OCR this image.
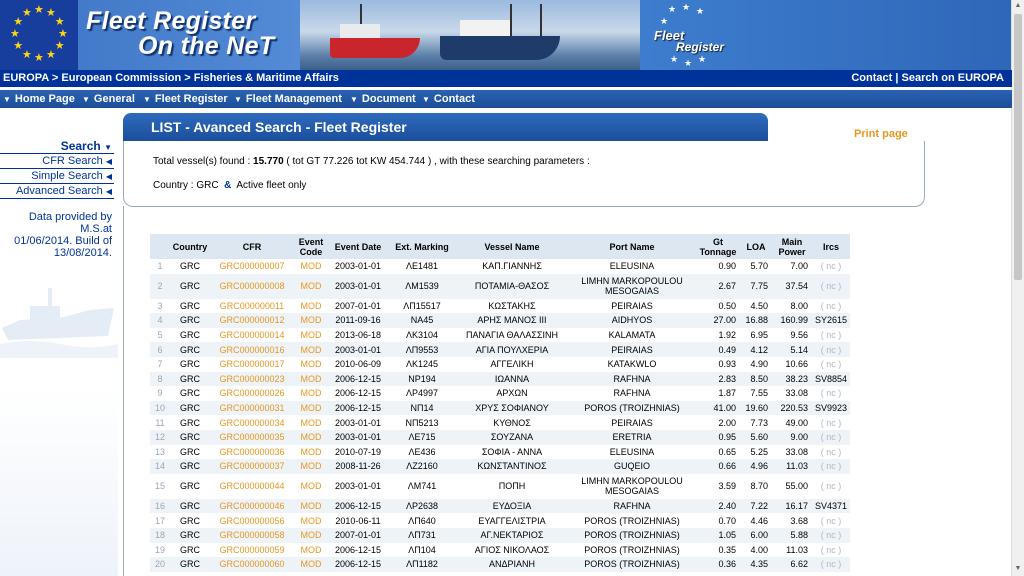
★ ★
★
★
★
★
★
★
★
★
★
★ Fleet Register
On the NeT
★ ★ ★
★
★ ★ ★
Fleet
Register
▲
▼
EUROPA > European Commission > Fisheries & Maritime Affairs	Contact | Search on EUROPA
▼ Home Page ▼ General ▼ Fleet Register ▼ Fleet Management ▼ Document ▼ Contact
Search ▼
CFR Search ◀
Simple Search ◀
Advanced Search ◀
Data provided by M.S.at
01/06/2014. Build of
13/08/2014.
LIST - Avanced Search - Fleet Register	Print page
Total vessel(s) found : 15.770 ( tot GT 77.226 tot KW 454.744 ) , with these searching parameters :
Country : GRC & Active fleet only
	Country	CFR	Event Code	Event Date	Ext. Marking	Vessel Name	Port Name	Gt Tonnage	LOA	Main Power	Ircs
1	GRC	GRC000000007	MOD	2003-01-01	ΛΕ1481	ΚΑΠ.ΓΙΑΝΝΗΣ	ELEUSINA	0.90	5.70	7.00	( nc )
2	GRC	GRC000000008	MOD	2003-01-01	ΛΜ1539	ΠΟΤΑΜΙΑ-ΘΑΣΟΣ	LIMHN MARKOPOULOU MESOGAIAS	2.67	7.75	37.54	( nc )
3	GRC	GRC000000011	MOD	2007-01-01	ΛΠ15517	ΚΩΣΤΑΚΗΣ	PEIRAIAS	0.50	4.50	8.00	( nc )
4	GRC	GRC000000012	MOD	2011-09-16	ΝΑ45	ΑΡΗΣ ΜΑΝΟΣ ΙΙΙ	AIDHYOS	27.00	16.88	160.99	SY2615
5	GRC	GRC000000014	MOD	2013-06-18	ΛΚ3104	ΠΑΝΑΓΙΑ ΘΑΛΑΣΣΙΝΗ	KALAMATA	1.92	6.95	9.56	( nc )
6	GRC	GRC000000016	MOD	2003-01-01	ΛΠ9553	ΑΓΙΑ ΠΟΥΛΧΕΡΙΑ	PEIRAIAS	0.49	4.12	5.14	( nc )
7	GRC	GRC000000017	MOD	2010-06-09	ΛΚ1245	ΑΓΓΕΛΙΚΗ	KATAKWLO	0.93	4.90	10.66	( nc )
8	GRC	GRC000000023	MOD	2006-12-15	ΝΡ194	ΙΩΑΝΝΑ	RAFHNA	2.83	8.50	38.23	SV8854
9	GRC	GRC000000026	MOD	2006-12-15	ΛΡ4997	ΑΡΧΩΝ	RAFHNA	1.87	7.55	33.08	( nc )
10	GRC	GRC000000031	MOD	2006-12-15	ΝΠ14	ΧΡΥΣ ΣΟΦΙΑΝΟΥ	POROS (TROIZHNIAS)	41.00	19.60	220.53	SV9923
11	GRC	GRC000000034	MOD	2003-01-01	ΝΠ5213	ΚΥΘΝΟΣ	PEIRAIAS	2.00	7.73	49.00	( nc )
12	GRC	GRC000000035	MOD	2003-01-01	ΛΕ715	ΣΟΥΖΑΝΑ	ERETRIA	0.95	5.60	9.00	( nc )
13	GRC	GRC000000036	MOD	2010-07-19	ΛΕ436	ΣΟΦΙΑ - ΑΝΝΑ	ELEUSINA	0.65	5.25	33.08	( nc )
14	GRC	GRC000000037	MOD	2008-11-26	ΛΖ2160	ΚΩΝΣΤΑΝΤΙΝΟΣ	GUQEIO	0.66	4.96	11.03	( nc )
15	GRC	GRC000000044	MOD	2003-01-01	ΛΜ741	ΠΟΠΗ	LIMHN MARKOPOULOU MESOGAIAS	3.59	8.70	55.00	( nc )
16	GRC	GRC000000046	MOD	2006-12-15	ΛΡ2638	ΕΥΔΟΞΙΑ	RAFHNA	2.40	7.22	16.17	SV4371
17	GRC	GRC000000056	MOD	2010-06-11	ΛΠ640	ΕΥΑΓΓΕΛΙΣΤΡΙΑ	POROS (TROIZHNIAS)	0.70	4.46	3.68	( nc )
18	GRC	GRC000000058	MOD	2007-01-01	ΛΠ731	ΑΓ.ΝΕΚΤΑΡΙΟΣ	POROS (TROIZHNIAS)	1.05	6.00	5.88	( nc )
19	GRC	GRC000000059	MOD	2006-12-15	ΛΠ104	ΑΓΙΟΣ ΝΙΚΟΛΑΟΣ	POROS (TROIZHNIAS)	0.35	4.00	11.03	( nc )
20	GRC	GRC000000060	MOD	2006-12-15	ΛΠ1182	ΑΝΔΡΙΑΝΗ	POROS (TROIZHNIAS)	0.36	4.35	6.62	( nc )
